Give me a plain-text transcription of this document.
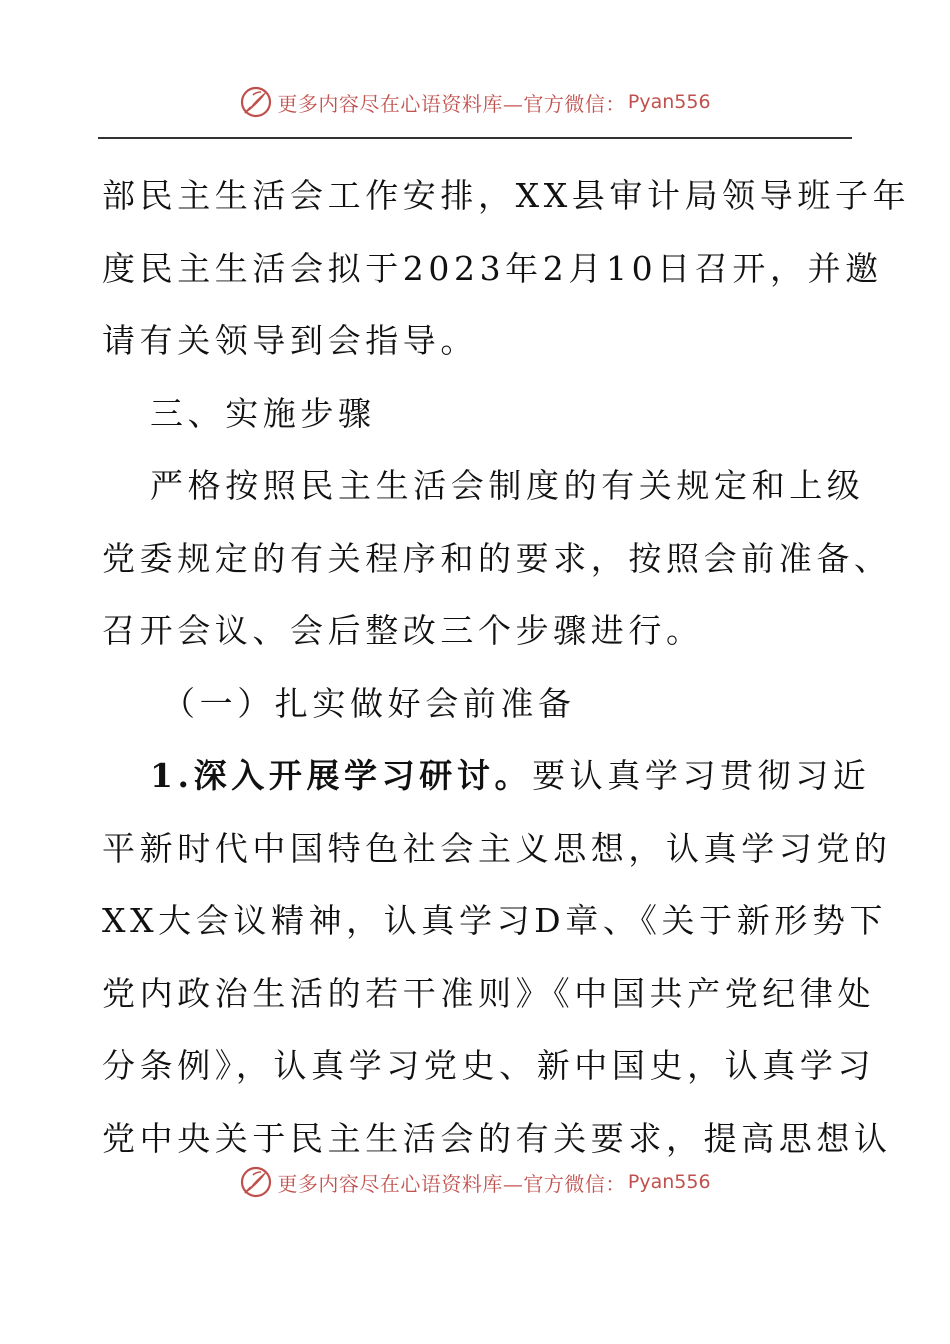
更多内容尽在心语资料库—官方微信： Pyan556
部民主生活会工作安排，XX县审计局领导班子年
度民主生活会拟于2023年2月10日召开，并邀
请有关领导到会指导。
三、实施步骤
严格按照民主生活会制度的有关规定和上级
党委规定的有关程序和的要求，按照会前准备、
召开会议、会后整改三个步骤进行。
（一）扎实做好会前准备
1.深入开展学习研讨。要认真学习贯彻习近
平新时代中国特色社会主义思想，认真学习党的
XX大会议精神，认真学习D章、《关于新形势下
党内政治生活的若干准则》《中国共产党纪律处
分条例》，认真学习党史、新中国史，认真学习
党中央关于民主生活会的有关要求，提高思想认
更多内容尽在心语资料库—官方微信： Pyan556
